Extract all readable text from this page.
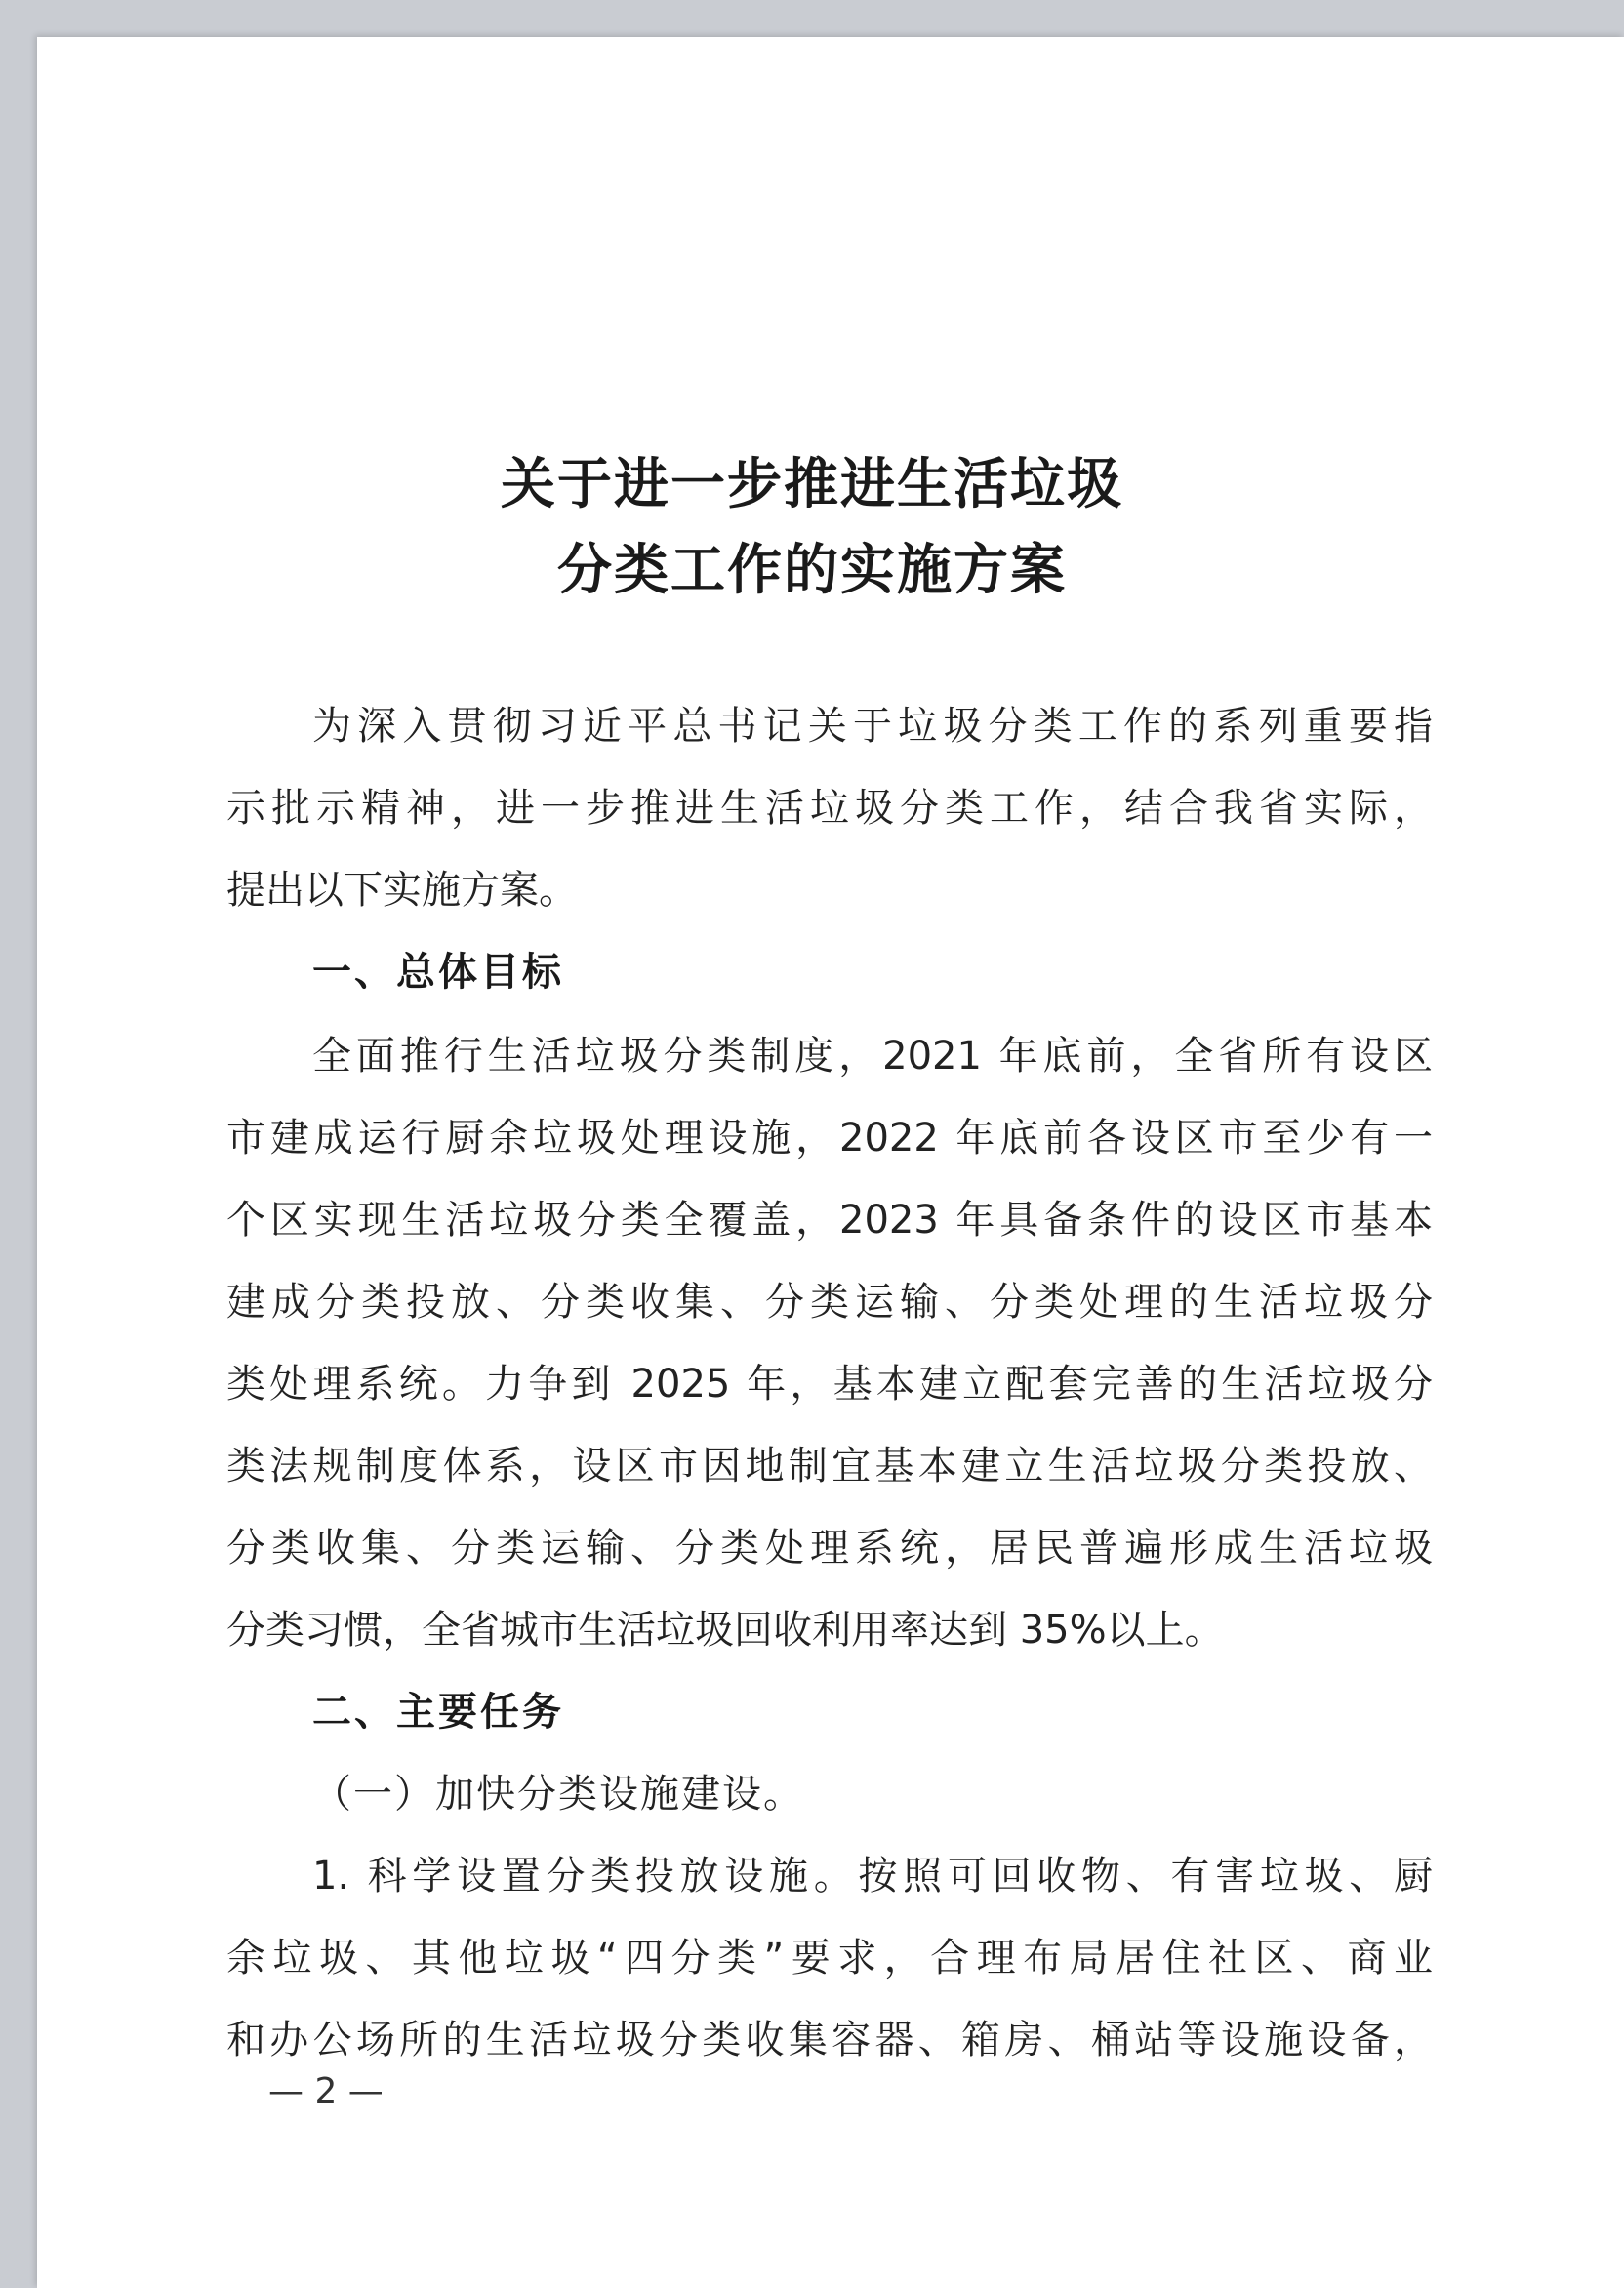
关于进一步推进生活垃圾
分类工作的实施方案
为深入贯彻习近平总书记关于垃圾分类工作的系列重要指
示批示精神，进一步推进生活垃圾分类工作，结合我省实际，
提出以下实施方案。
一、总体目标
全面推行生活垃圾分类制度，2021 年底前，全省所有设区
市建成运行厨余垃圾处理设施，2022 年底前各设区市至少有一
个区实现生活垃圾分类全覆盖，2023 年具备条件的设区市基本
建成分类投放、分类收集、分类运输、分类处理的生活垃圾分
类处理系统。力争到 2025 年，基本建立配套完善的生活垃圾分
类法规制度体系，设区市因地制宜基本建立生活垃圾分类投放、
分类收集、分类运输、分类处理系统，居民普遍形成生活垃圾
分类习惯，全省城市生活垃圾回收利用率达到 35%以上。
二、主要任务
（一）加快分类设施建设。
1. 科学设置分类投放设施。按照可回收物、有害垃圾、厨
余垃圾、其他垃圾“四分类”要求，合理布局居住社区、商业
和办公场所的生活垃圾分类收集容器、箱房、桶站等设施设备，
— 2 —
